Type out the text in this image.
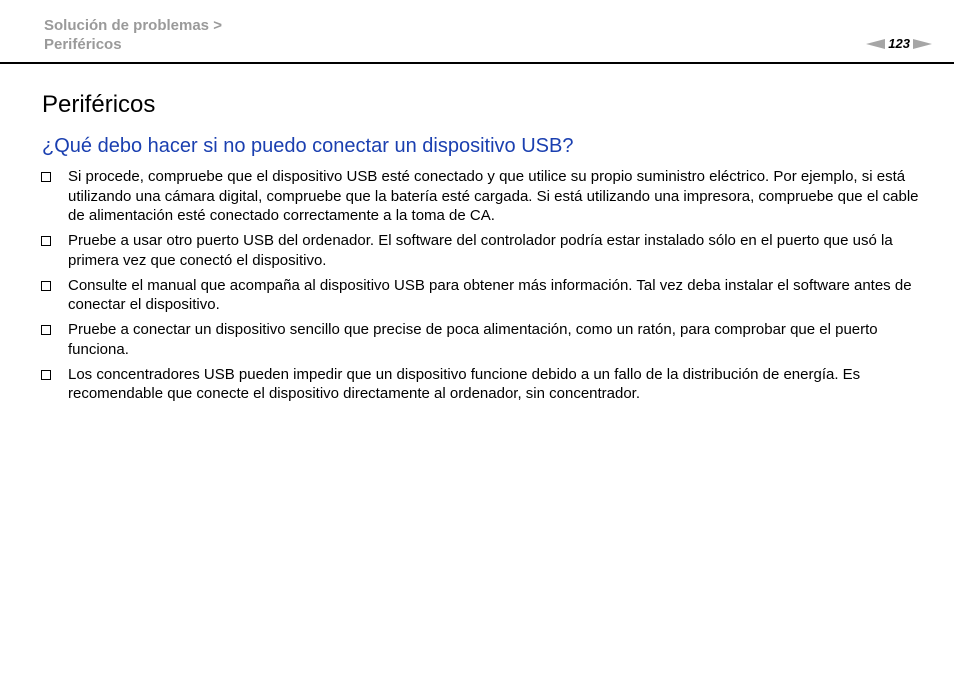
Solución de problemas >
Periféricos	123
Periféricos
¿Qué debo hacer si no puedo conectar un dispositivo USB?
Si procede, compruebe que el dispositivo USB esté conectado y que utilice su propio suministro eléctrico. Por ejemplo, si está utilizando una cámara digital, compruebe que la batería esté cargada. Si está utilizando una impresora, compruebe que el cable de alimentación esté conectado correctamente a la toma de CA.
Pruebe a usar otro puerto USB del ordenador. El software del controlador podría estar instalado sólo en el puerto que usó la primera vez que conectó el dispositivo.
Consulte el manual que acompaña al dispositivo USB para obtener más información. Tal vez deba instalar el software antes de conectar el dispositivo.
Pruebe a conectar un dispositivo sencillo que precise de poca alimentación, como un ratón, para comprobar que el puerto funciona.
Los concentradores USB pueden impedir que un dispositivo funcione debido a un fallo de la distribución de energía. Es recomendable que conecte el dispositivo directamente al ordenador, sin concentrador.
